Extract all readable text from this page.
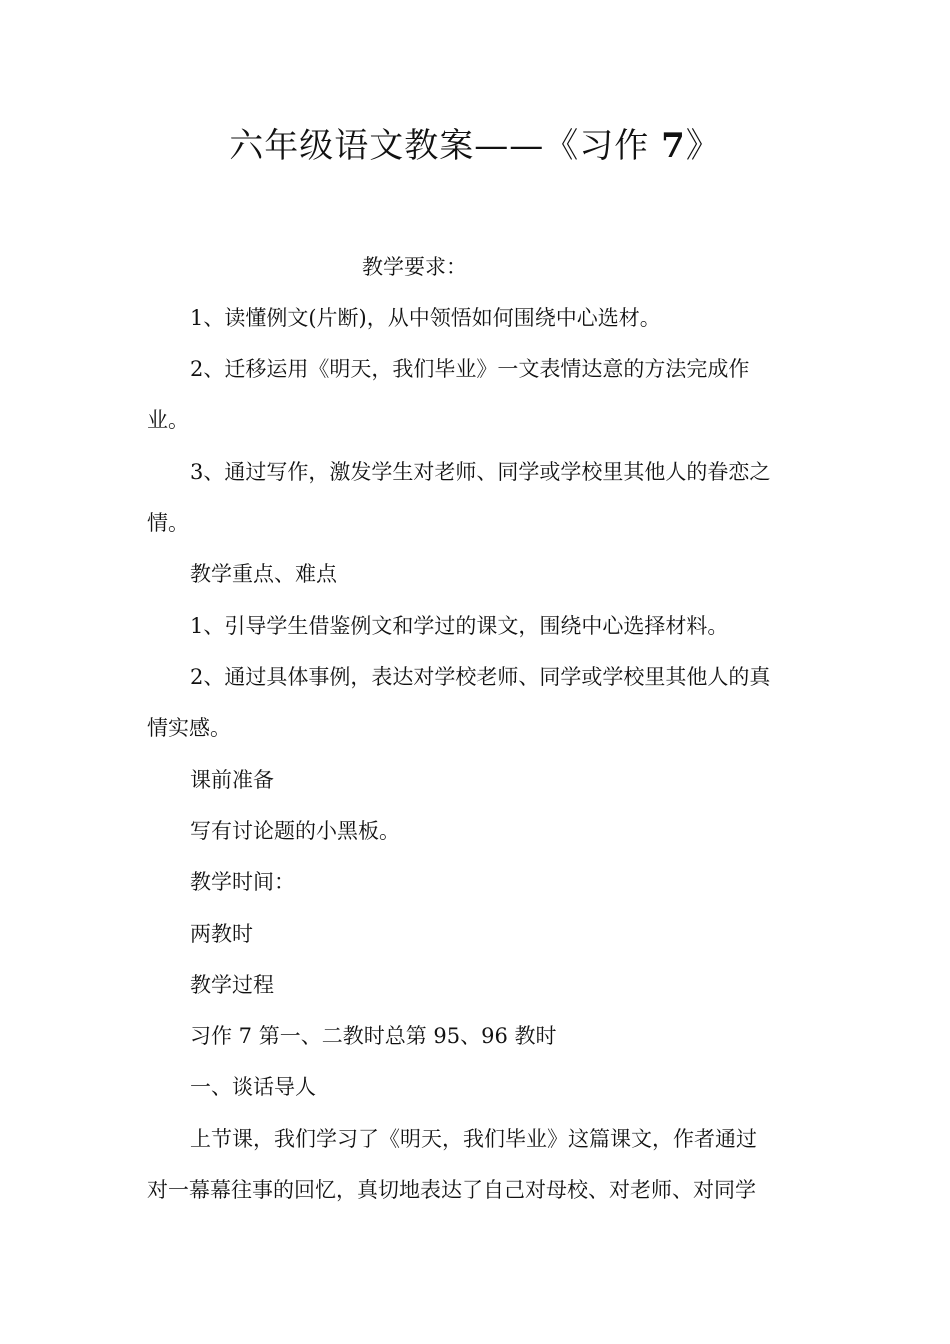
六年级语文教案——《习作 7》
教学要求：
1、读懂例文(片断)，从中领悟如何围绕中心选材。
2、迁移运用《明天，我们毕业》一文表情达意的方法完成作
业。
3、通过写作，激发学生对老师、同学或学校里其他人的眷恋之
情。
教学重点、难点
1、引导学生借鉴例文和学过的课文，围绕中心选择材料。
2、通过具体事例，表达对学校老师、同学或学校里其他人的真
情实感。
课前准备
写有讨论题的小黑板。
教学时间：
两教时
教学过程
习作 7 第一、二教时总第 95、96 教时
一、谈话导人
上节课，我们学习了《明天，我们毕业》这篇课文，作者通过
对一幕幕往事的回忆，真切地表达了自己对母校、对老师、对同学
